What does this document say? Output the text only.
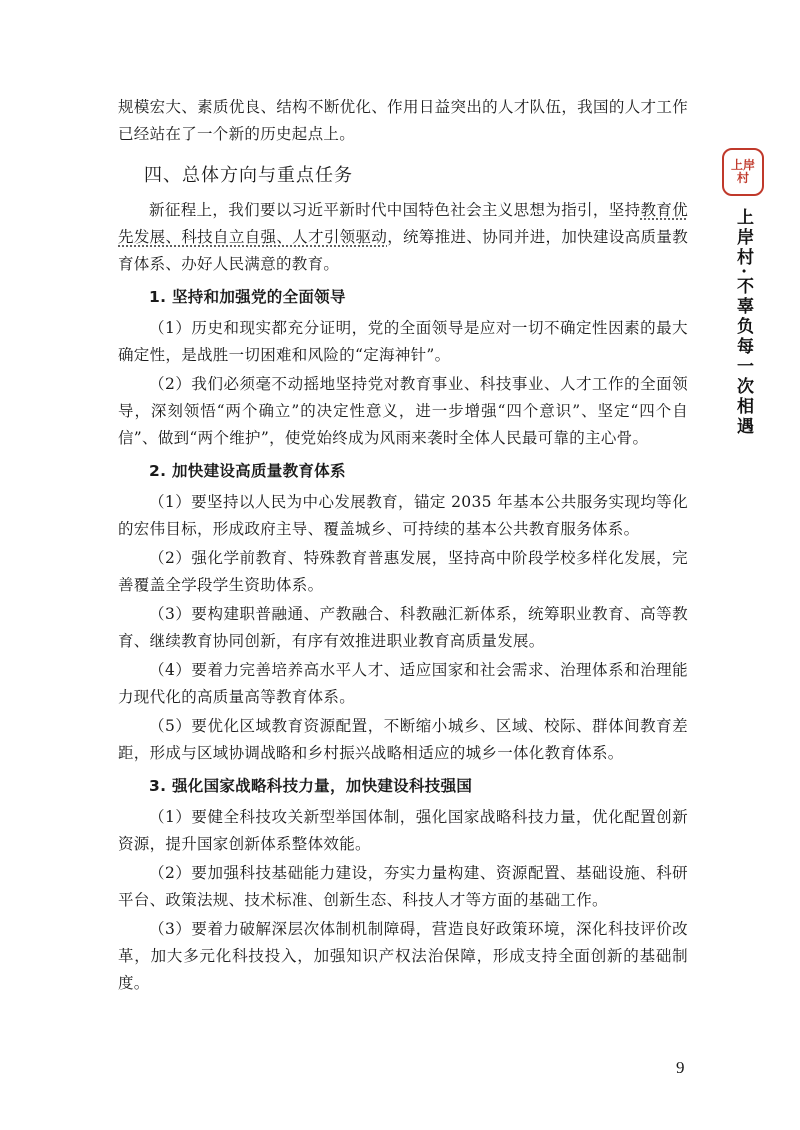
规模宏大、素质优良、结构不断优化、作用日益突出的人才队伍，我国的人才工作已经站在了一个新的历史起点上。

四、总体方向与重点任务

新征程上，我们要以习近平新时代中国特色社会主义思想为指引，坚持教育优先发展、科技自立自强、人才引领驱动，统筹推进、协同并进，加快建设高质量教育体系、办好人民满意的教育。

1. 坚持和加强党的全面领导

（1）历史和现实都充分证明，党的全面领导是应对一切不确定性因素的最大确定性，是战胜一切困难和风险的“定海神针”。

（2）我们必须毫不动摇地坚持党对教育事业、科技事业、人才工作的全面领导，深刻领悟“两个确立”的决定性意义，进一步增强“四个意识”、坚定“四个自信”、做到“两个维护”，使党始终成为风雨来袭时全体人民最可靠的主心骨。

2. 加快建设高质量教育体系

（1）要坚持以人民为中心发展教育，锚定 2035 年基本公共服务实现均等化的宏伟目标，形成政府主导、覆盖城乡、可持续的基本公共教育服务体系。

（2）强化学前教育、特殊教育普惠发展，坚持高中阶段学校多样化发展，完善覆盖全学段学生资助体系。

（3）要构建职普融通、产教融合、科教融汇新体系，统筹职业教育、高等教育、继续教育协同创新，有序有效推进职业教育高质量发展。

（4）要着力完善培养高水平人才、适应国家和社会需求、治理体系和治理能力现代化的高质量高等教育体系。

（5）要优化区域教育资源配置，不断缩小城乡、区域、校际、群体间教育差距，形成与区域协调战略和乡村振兴战略相适应的城乡一体化教育体系。

3. 强化国家战略科技力量，加快建设科技强国

（1）要健全科技攻关新型举国体制，强化国家战略科技力量，优化配置创新资源，提升国家创新体系整体效能。

（2）要加强科技基础能力建设，夯实力量构建、资源配置、基础设施、科研平台、政策法规、技术标准、创新生态、科技人才等方面的基础工作。

（3）要着力破解深层次体制机制障碍，营造良好政策环境，深化科技评价改革，加大多元化科技投入，加强知识产权法治保障，形成支持全面创新的基础制度。

上岸
村
上岸村·不辜负每一次相遇
9
